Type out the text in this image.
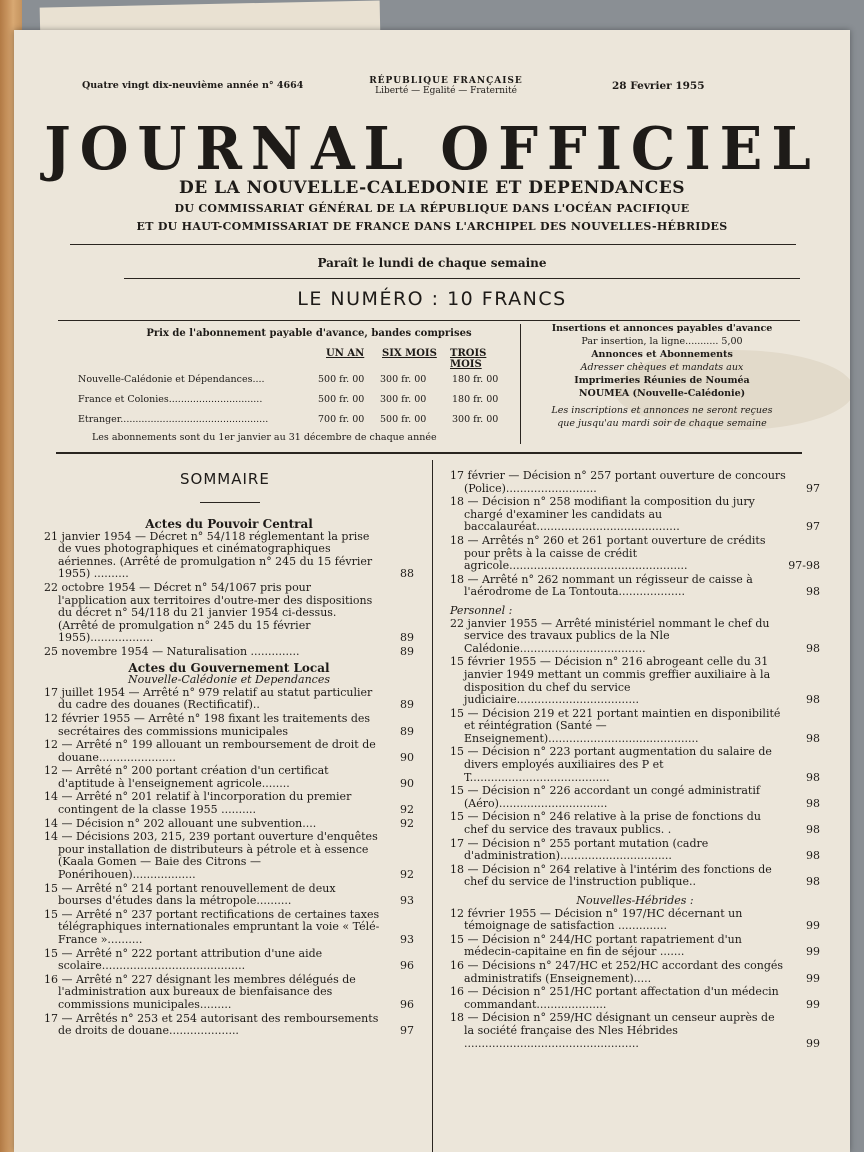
Quatre vingt dix-neuvième année n° 4664	RÉPUBLIQUE FRANÇAISE
Liberté — Egalité — Fraternité	28 Fevrier 1955
JOURNAL OFFICIEL
DE LA NOUVELLE-CALEDONIE ET DEPENDANCES
DU COMMISSARIAT GÉNÉRAL DE LA RÉPUBLIQUE DANS L'OCÉAN PACIFIQUE
ET DU HAUT-COMMISSARIAT DE FRANCE DANS L'ARCHIPEL DES NOUVELLES-HÉBRIDES
Paraît le lundi de chaque semaine
LE NUMÉRO : 10 FRANCS
Prix de l'abonnement payable d'avance, bandes comprises
UN AN SIX MOIS TROIS MOIS
Nouvelle-Calédonie et Dépendances....	500 fr. 00 300 fr. 00	180 fr. 00
France et Colonies...............................	500 fr. 00 300 fr. 00	180 fr. 00
Etranger.................................................	700 fr. 00 500 fr. 00	300 fr. 00
Les abonnements sont du 1er janvier au 31 décembre de chaque année
Insertions et annonces payables d'avance
Par insertion, la ligne........... 5,00
Annonces et Abonnements
Adresser chèques et mandats aux
Imprimeries Réunies de Nouméa
NOUMEA (Nouvelle-Calédonie)
Les inscriptions et annonces ne seront reçues
que jusqu'au mardi soir de chaque semaine
SOMMAIRE
Actes du Pouvoir Central
21 janvier 1954 — Décret n° 54/118 réglementant la prise de vues photographiques et cinématographiques aériennes. (Arrêté de promulgation n° 245 du 15 février 1955) ..........	88
22 octobre 1954 — Décret n° 54/1067 pris pour l'application aux territoires d'outre-mer des dispositions du décret n° 54/118 du 21 janvier 1954 ci-dessus. (Arrêté de promulgation n° 245 du 15 février 1955)..................	89
25 novembre 1954 — Naturalisation ..............	89
Actes du Gouvernement Local
Nouvelle-Calédonie et Dependances
17 juillet 1954 — Arrêté n° 979 relatif au statut particulier du cadre des douanes (Rectificatif)..	89
12 février 1955 — Arrêté n° 198 fixant les traitements des secrétaires des commissions municipales	89
12 — Arrêté n° 199 allouant un remboursement de droit de douane......................	90
12 — Arrêté n° 200 portant création d'un certificat d'aptitude à l'enseignement agricole........	90
14 — Arrêté n° 201 relatif à l'incorporation du premier contingent de la classe 1955 ..........	92
14 — Décision n° 202 allouant une subvention....	92
14 — Décisions 203, 215, 239 portant ouverture d'enquêtes pour installation de distributeurs à pétrole et à essence (Kaala Gomen — Baie des Citrons — Ponérihouen)..................	92
15 — Arrêté n° 214 portant renouvellement de deux bourses d'études dans la métropole..........	93
15 — Arrêté n° 237 portant rectifications de certaines taxes télégraphiques internationales empruntant la voie « Télé-France »..........	93
15 — Arrêté n° 222 portant attribution d'une aide scolaire.........................................	96
16 — Arrêté n° 227 désignant les membres délégués de l'administration aux bureaux de bienfaisance des commissions municipales.........	96
17 — Arrêtés n° 253 et 254 autorisant des remboursements de droits de douane....................	97
17 février — Décision n° 257 portant ouverture de concours (Police)..........................	97
18 — Décision n° 258 modifiant la composition du jury chargé d'examiner les candidats au baccalauréat.........................................	97
18 — Arrêtés n° 260 et 261 portant ouverture de crédits pour prêts à la caisse de crédit agricole...................................................	97-98
18 — Arrêté n° 262 nommant un régisseur de caisse à l'aérodrome de La Tontouta...................	98
Personnel :
22 janvier 1955 — Arrêté ministériel nommant le chef du service des travaux publics de la Nle Calédonie....................................	98
15 février 1955 — Décision n° 216 abrogeant celle du 31 janvier 1949 mettant un commis greffier auxiliaire à la disposition du chef du service judiciaire...................................	98
15 — Décision 219 et 221 portant maintien en disponibilité et réintégration (Santé — Enseignement)...........................................	98
15 — Décision n° 223 portant augmentation du salaire de divers employés auxiliaires des P et T........................................	98
15 — Décision n° 226 accordant un congé administratif (Aéro)...............................	98
15 — Décision n° 246 relative à la prise de fonctions du chef du service des travaux publics. .	98
17 — Décision n° 255 portant mutation (cadre d'administration)................................	98
18 — Décision n° 264 relative à l'intérim des fonctions de chef du service de l'instruction publique..	98
Nouvelles-Hébrides :
12 février 1955 — Décision n° 197/HC décernant un témoignage de satisfaction ..............	99
15 — Décision n° 244/HC portant rapatriement d'un médecin-capitaine en fin de séjour .......	99
16 — Décisions n° 247/HC et 252/HC accordant des congés administratifs (Enseignement).....	99
16 — Décision n° 251/HC portant affectation d'un médecin commandant....................	99
18 — Décision n° 259/HC désignant un censeur auprès de la société française des Nles Hébrides ..................................................	99
